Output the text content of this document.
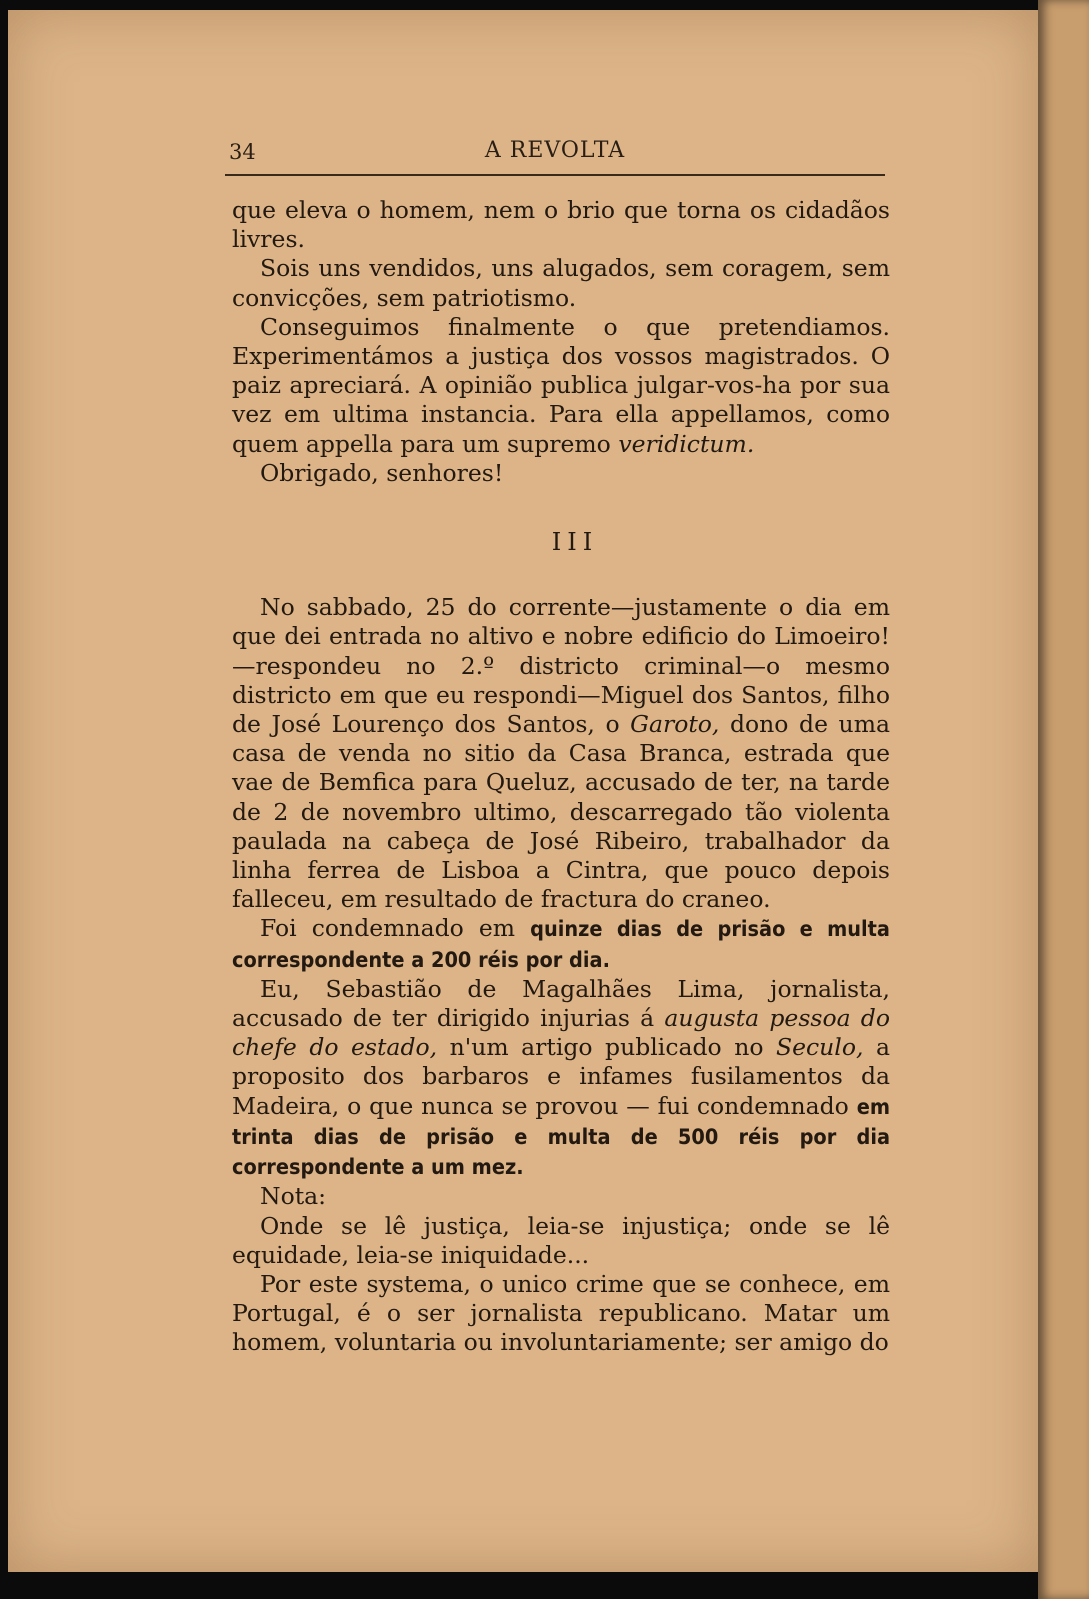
34	A REVOLTA

que eleva o homem, nem o brio que torna os cidadãos livres.

Sois uns vendidos, uns alugados, sem coragem, sem convicções, sem patriotismo.

Conseguimos finalmente o que pretendiamos. Experimentámos a justiça dos vossos magistrados. O paiz apreciará. A opinião publica julgar-vos-ha por sua vez em ultima instancia. Para ella appellamos, como quem appella para um supremo veridictum.

Obrigado, senhores!

III

No sabbado, 25 do corrente—justamente o dia em que dei entrada no altivo e nobre edificio do Limoeiro! —respondeu no 2.º districto criminal—o mesmo districto em que eu respondi—Miguel dos Santos, filho de José Lourenço dos Santos, o Garoto, dono de uma casa de venda no sitio da Casa Branca, estrada que vae de Bemfica para Queluz, accusado de ter, na tarde de 2 de novembro ultimo, descarregado tão violenta paulada na cabeça de José Ribeiro, trabalhador da linha ferrea de Lisboa a Cintra, que pouco depois falleceu, em resultado de fractura do craneo.

Foi condemnado em quinze dias de prisão e multa correspondente a 200 réis por dia.

Eu, Sebastião de Magalhães Lima, jornalista, accusado de ter dirigido injurias á augusta pessoa do chefe do estado, n'um artigo publicado no Seculo, a proposito dos barbaros e infames fusilamentos da Madeira, o que nunca se provou — fui condemnado em trinta dias de prisão e multa de 500 réis por dia correspondente a um mez.

Nota:

Onde se lê justiça, leia-se injustiça; onde se lê equidade, leia-se iniquidade...

Por este systema, o unico crime que se conhece, em Portugal, é o ser jornalista republicano. Matar um homem, voluntaria ou involuntariamente; ser amigo do
